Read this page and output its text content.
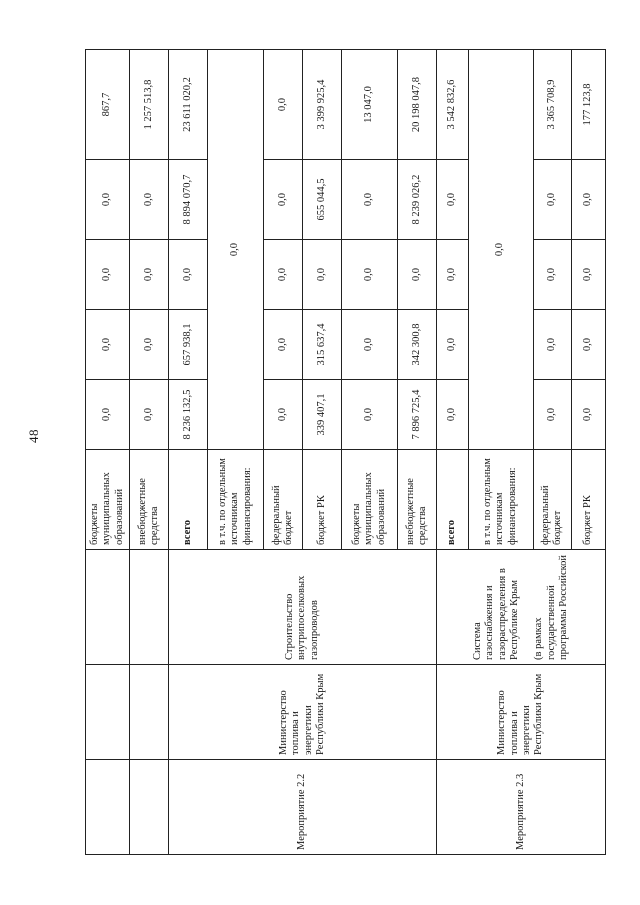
48
			бюджеты муниципальных образований	0,0	0,0	0,0	0,0	867,7
			внебюджетные средства	0,0	0,0	0,0	0,0	1 257 513,8
Мероприятие 2.2	Министерство топлива и энергетики Республики Крым	Строительство внутрипоселковых газопроводов	всего	8 236 132,5	657 938,1	0,0	8 894 070,7	23 611 020,2
			в т.ч. по отдельным источникам финансирования:	0,0				
			федеральный бюджет	0,0	0,0	0,0	0,0	0,0
			бюджет РК	339 407,1	315 637,4	0,0	655 044,5	3 399 925,4
			бюджеты муниципальных образований	0,0	0,0	0,0	0,0	13 047,0
			внебюджетные средства	7 896 725,4	342 300,8	0,0	8 239 026,2	20 198 047,8
Мероприятие 2.3	Министерство топлива и энергетики Республики Крым	Система газоснабжения и газораспределения в Республике Крым (в рамках государственной программы Российской	всего	0,0	0,0	0,0	0,0	3 542 832,6
			в т.ч. по отдельным источникам финансирования:	0,0				
			федеральный бюджет	0,0	0,0	0,0	0,0	3 365 708,9
			бюджет РК	0,0	0,0	0,0	0,0	177 123,8
